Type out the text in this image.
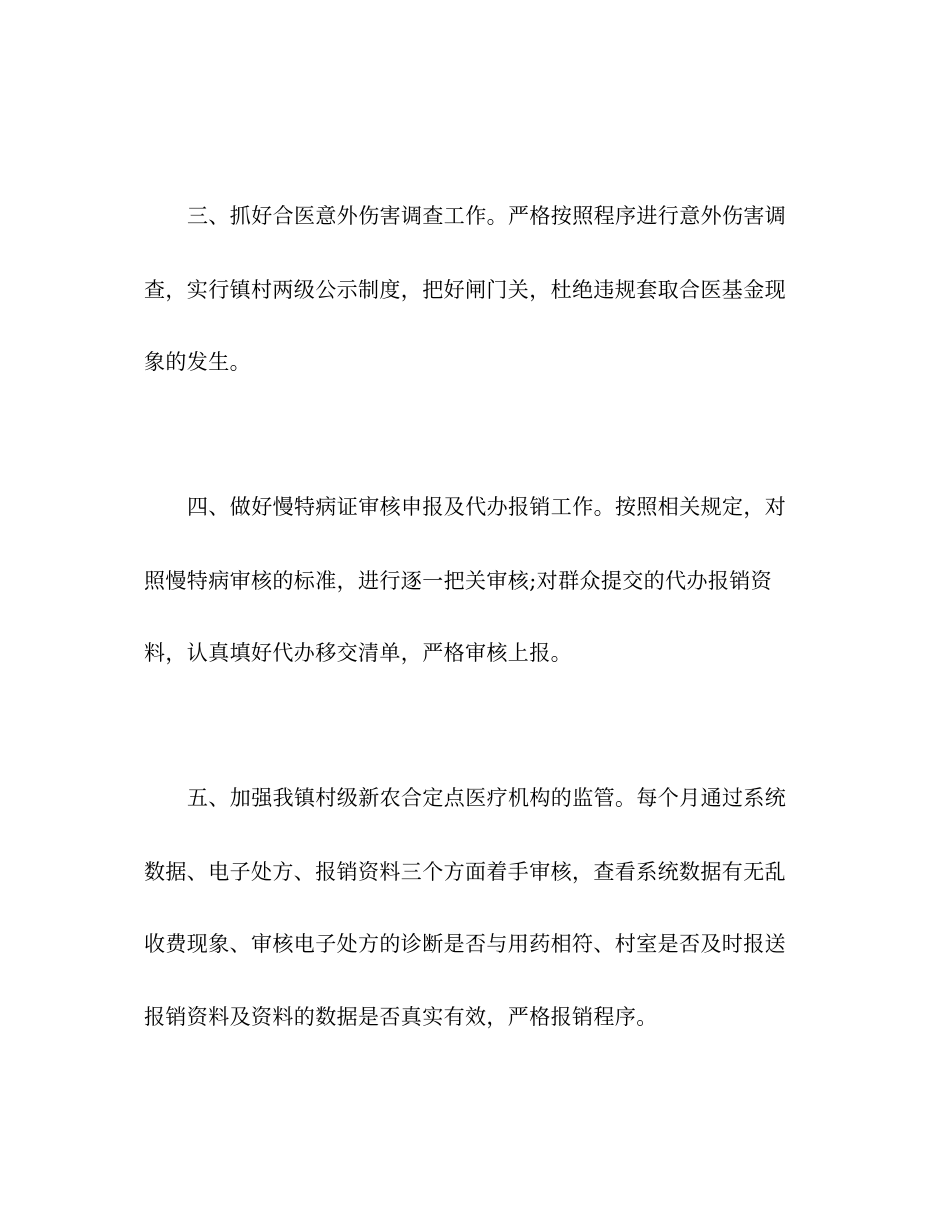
三、抓好合医意外伤害调查工作。严格按照程序进行意外伤害调
查，实行镇村两级公示制度，把好闸门关，杜绝违规套取合医基金现
象的发生。
四、做好慢特病证审核申报及代办报销工作。按照相关规定，对
照慢特病审核的标准，进行逐一把关审核;对群众提交的代办报销资
料，认真填好代办移交清单，严格审核上报。
五、加强我镇村级新农合定点医疗机构的监管。每个月通过系统
数据、电子处方、报销资料三个方面着手审核，查看系统数据有无乱
收费现象、审核电子处方的诊断是否与用药相符、村室是否及时报送
报销资料及资料的数据是否真实有效，严格报销程序。
